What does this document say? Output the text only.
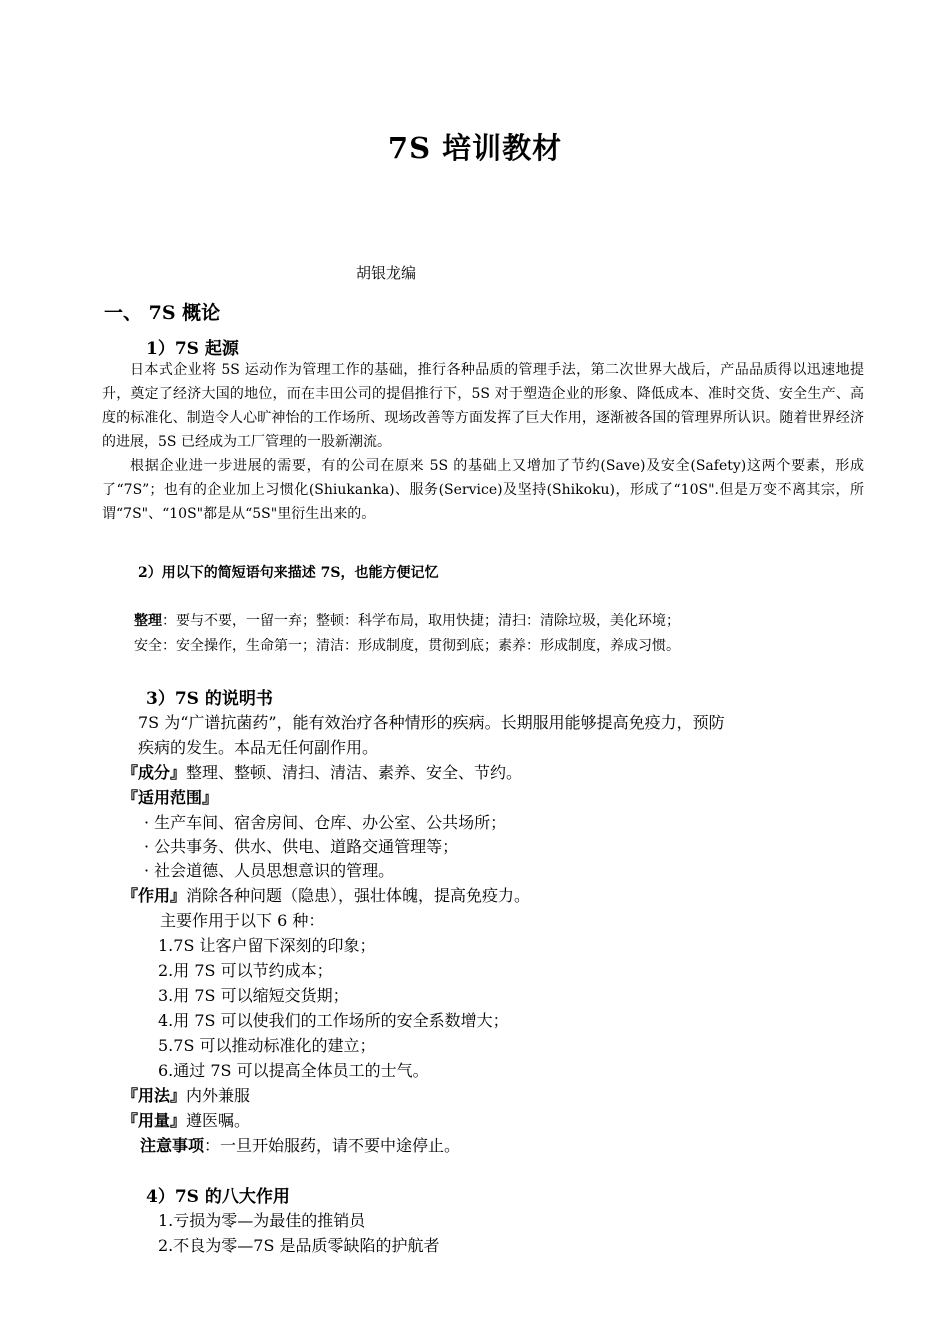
7S 培训教材
胡银龙编
一、 7S 概论
1）7S 起源

日本式企业将 5S 运动作为管理工作的基础，推行各种品质的管理手法，第二次世界大战后，产品品质得以迅速地提升，奠定了经济大国的地位，而在丰田公司的提倡推行下，5S 对于塑造企业的形象、降低成本、准时交货、安全生产、高度的标准化、制造令人心旷神怡的工作场所、现场改善等方面发挥了巨大作用，逐渐被各国的管理界所认识。随着世界经济的进展，5S 已经成为工厂管理的一股新潮流。

根据企业进一步进展的需要，有的公司在原来 5S 的基础上又增加了节约(Save)及安全(Safety)这两个要素，形成了“7S”；也有的企业加上习惯化(Shiukanka)、服务(Service)及坚持(Shikoku)，形成了“10S".但是万变不离其宗，所谓“7S"、“10S"都是从“5S"里衍生出来的。

2）用以下的简短语句来描述 7S，也能方便记忆
整理：要与不要，一留一弃；整顿：科学布局，取用快捷；清扫：清除垃圾，美化环境；
安全：安全操作，生命第一；清洁：形成制度，贯彻到底；素养：形成制度，养成习惯。
3）7S 的说明书
7S 为“广谱抗菌药”，能有效治疗各种情形的疾病。长期服用能够提高免疫力，预防
疾病的发生。本品无任何副作用。
『成分』整理、整顿、清扫、清洁、素养、安全、节约。
『适用范围』
· 生产车间、宿舍房间、仓库、办公室、公共场所；
· 公共事务、供水、供电、道路交通管理等；
· 社会道德、人员思想意识的管理。
『作用』消除各种问题（隐患），强壮体魄，提高免疫力。
主要作用于以下 6 种：
1.7S 让客户留下深刻的印象；
2.用 7S 可以节约成本；
3.用 7S 可以缩短交货期；
4.用 7S 可以使我们的工作场所的安全系数增大；
5.7S 可以推动标准化的建立；
6.通过 7S 可以提高全体员工的士气。
『用法』内外兼服
『用量』遵医嘱。
注意事项：一旦开始服药，请不要中途停止。
4）7S 的八大作用
1.亏损为零—为最佳的推销员
2.不良为零—7S 是品质零缺陷的护航者
